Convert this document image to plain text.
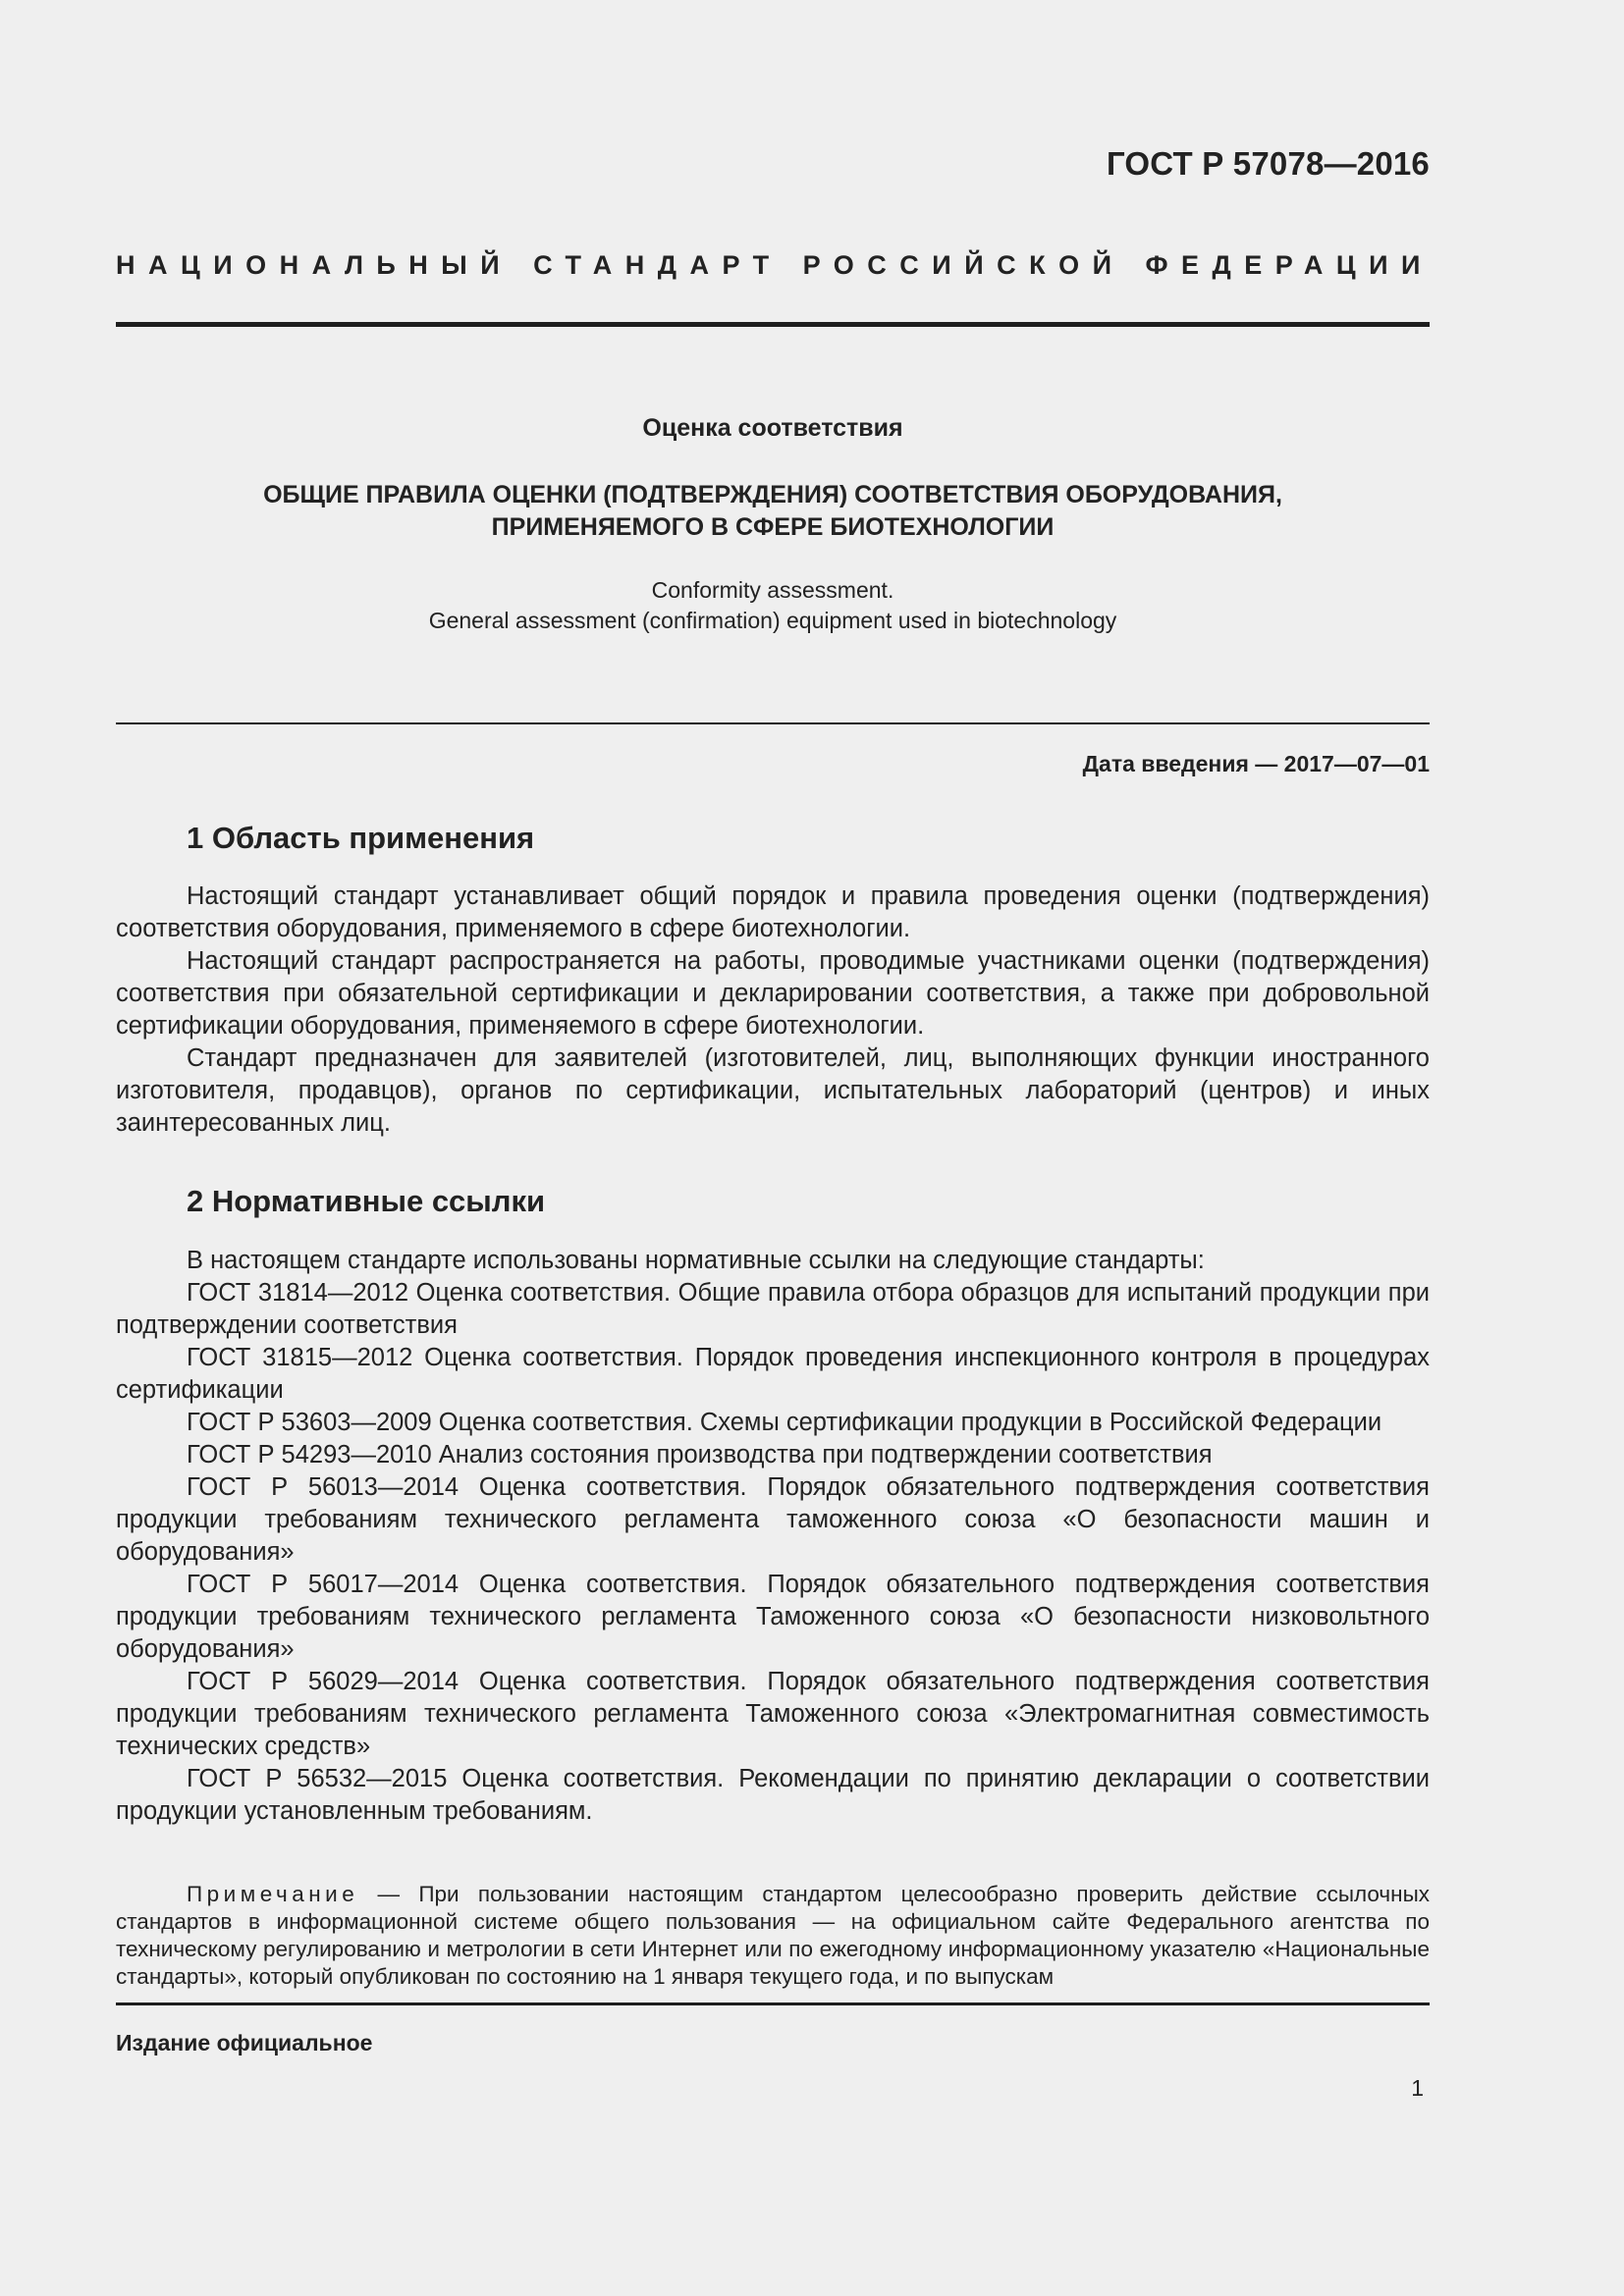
ГОСТ Р 57078—2016
НАЦИОНАЛЬНЫЙ СТАНДАРТ РОССИЙСКОЙ ФЕДЕРАЦИИ
Оценка соответствия
ОБЩИЕ ПРАВИЛА ОЦЕНКИ (ПОДТВЕРЖДЕНИЯ) СООТВЕТСТВИЯ ОБОРУДОВАНИЯ,
ПРИМЕНЯЕМОГО В СФЕРЕ БИОТЕХНОЛОГИИ
Conformity assessment.
General assessment (confirmation) equipment used in biotechnology
Дата введения — 2017—07—01
1 Область применения

Настоящий стандарт устанавливает общий порядок и правила проведения оценки (подтверждения) соответствия оборудования, применяемого в сфере биотехнологии.

Настоящий стандарт распространяется на работы, проводимые участниками оценки (подтверждения) соответствия при обязательной сертификации и декларировании соответствия, а также при добровольной сертификации оборудования, применяемого в сфере биотехнологии.

Стандарт предназначен для заявителей (изготовителей, лиц, выполняющих функции иностранного изготовителя, продавцов), органов по сертификации, испытательных лабораторий (центров) и иных заинтересованных лиц.

2 Нормативные ссылки

В настоящем стандарте использованы нормативные ссылки на следующие стандарты:

ГОСТ 31814—2012 Оценка соответствия. Общие правила отбора образцов для испытаний продукции при подтверждении соответствия

ГОСТ 31815—2012 Оценка соответствия. Порядок проведения инспекционного контроля в процедурах сертификации

ГОСТ Р 53603—2009 Оценка соответствия. Схемы сертификации продукции в Российской Федерации

ГОСТ Р 54293—2010 Анализ состояния производства при подтверждении соответствия

ГОСТ Р 56013—2014 Оценка соответствия. Порядок обязательного подтверждения соответствия продукции требованиям технического регламента таможенного союза «О безопасности машин и оборудования»

ГОСТ Р 56017—2014 Оценка соответствия. Порядок обязательного подтверждения соответствия продукции требованиям технического регламента Таможенного союза «О безопасности низковольтного оборудования»

ГОСТ Р 56029—2014 Оценка соответствия. Порядок обязательного подтверждения соответствия продукции требованиям технического регламента Таможенного союза «Электромагнитная совместимость технических средств»

ГОСТ Р 56532—2015 Оценка соответствия. Рекомендации по принятию декларации о соответствии продукции установленным требованиям.

Примечание — При пользовании настоящим стандартом целесообразно проверить действие ссылочных стандартов в информационной системе общего пользования — на официальном сайте Федерального агентства по техническому регулированию и метрологии в сети Интернет или по ежегодному информационному указателю «Национальные стандарты», который опубликован по состоянию на 1 января текущего года, и по выпускам

Издание официальное
1
